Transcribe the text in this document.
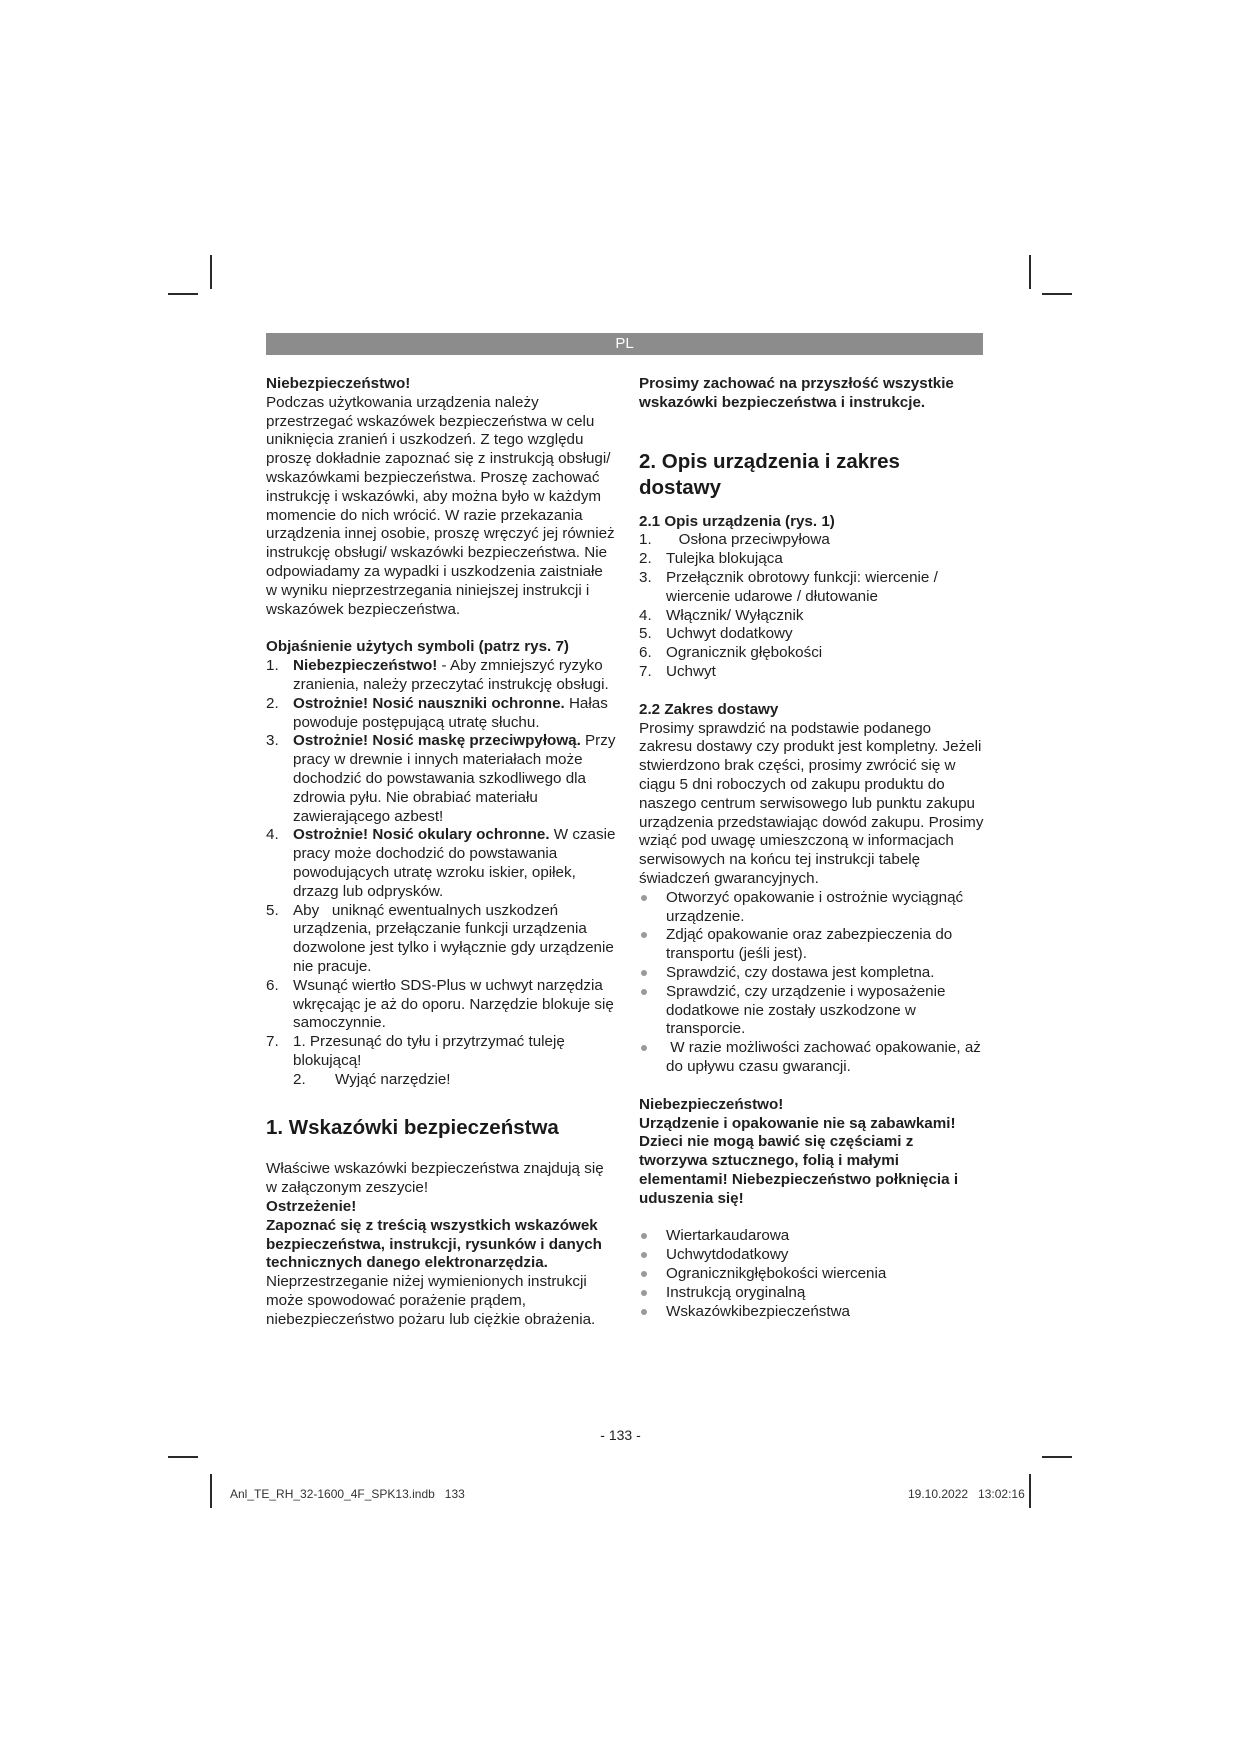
PL

Niebezpieczeństwo!

Podczas użytkowania urządzenia należy przestrzegać wskazówek bezpieczeństwa w celu uniknięcia zranień i uszkodzeń. Z tego względu proszę dokładnie zapoznać się z instrukcją obsługi/ wskazówkami bezpieczeństwa. Proszę zachować instrukcję i wskazówki, aby można było w każdym momencie do nich wrócić. W razie przekazania urządzenia innej osobie, proszę wręczyć jej również instrukcję obsługi/ wskazówki bezpieczeństwa. Nie odpowiadamy za wypadki i uszkodzenia zaistniałe w wyniku nieprzestrzegania niniejszej instrukcji i wskazówek bezpieczeństwa.

Objaśnienie użytych symboli (patrz rys. 7)

1. Niebezpieczeństwo! - Aby zmniejszyć ryzyko zranienia, należy przeczytać instrukcję obsługi.
2. Ostrożnie! Nosić nauszniki ochronne. Hałas powoduje postępującą utratę słuchu.
3. Ostrożnie! Nosić maskę przeciwpyłową. Przy pracy w drewnie i innych materiałach może dochodzić do powstawania szkodliwego dla zdrowia pyłu. Nie obrabiać materiału zawierającego azbest!
4. Ostrożnie! Nosić okulary ochronne. W czasie pracy może dochodzić do powstawania powodujących utratę wzroku iskier, opiłek, drzazg lub odprysków.
5. Aby   uniknąć ewentualnych uszkodzeń urządzenia, przełączanie funkcji urządzenia dozwolone jest tylko i wyłącznie gdy urządzenie nie pracuje.
6. Wsunąć wiertło SDS-Plus w uchwyt narzędzia wkręcając je aż do oporu. Narzędzie blokuje się samoczynnie.
7. 1. Przesunąć do tyłu i przytrzymać tuleję blokującą!
2. Wyjąć narzędzie!
1. Wskazówki bezpieczeństwa

Właściwe wskazówki bezpieczeństwa znajdują się w załączonym zeszycie!

Ostrzeżenie!

Zapoznać się z treścią wszystkich wskazówek bezpieczeństwa, instrukcji, rysunków i danych technicznych danego elektronarzędzia. Nieprzestrzeganie niżej wymienionych instrukcji może spowodować porażenie prądem, niebezpieczeństwo pożaru lub ciężkie obrażenia.

Prosimy zachować na przyszłość wszystkie wskazówki bezpieczeństwa i instrukcje.

2. Opis urządzenia i zakres dostawy
2.1 Opis urządzenia (rys. 1)
1. Osłona przeciwpyłowa
2. Tulejka blokująca
3. Przełącznik obrotowy funkcji: wiercenie / wiercenie udarowe / dłutowanie
4. Włącznik/ Wyłącznik
5. Uchwyt dodatkowy
6. Ogranicznik głębokości
7. Uchwyt
2.2 Zakres dostawy

Prosimy sprawdzić na podstawie podanego zakresu dostawy czy produkt jest kompletny. Jeżeli stwierdzono brak części, prosimy zwrócić się w ciągu 5 dni roboczych od zakupu produktu do naszego centrum serwisowego lub punktu zakupu urządzenia przedstawiając dowód zakupu. Prosimy wziąć pod uwagę umieszczoną w informacjach serwisowych na końcu tej instrukcji tabelę świadczeń gwarancyjnych.

Otworzyć opakowanie i ostrożnie wyciągnąć urządzenie.
Zdjąć opakowanie oraz zabezpieczenia do transportu (jeśli jest).
Sprawdzić, czy dostawa jest kompletna.
Sprawdzić, czy urządzenie i wyposażenie dodatkowe nie zostały uszkodzone w transporcie.
W razie możliwości zachować opakowanie, aż do upływu czasu gwarancji.

Niebezpieczeństwo!

Urządzenie i opakowanie nie są zabawkami! Dzieci nie mogą bawić się częściami z tworzywa sztucznego, folią i małymi elementami! Niebezpieczeństwo połknięcia i uduszenia się!

Wiertarkaudarowa
Uchwytdodatkowy
Ogranicznikgłębokości wiercenia
Instrukcją oryginalną
Wskazówkibezpieczeństwa
- 133 -
Anl_TE_RH_32-1600_4F_SPK13.indb   133	19.10.2022   13:02:16
